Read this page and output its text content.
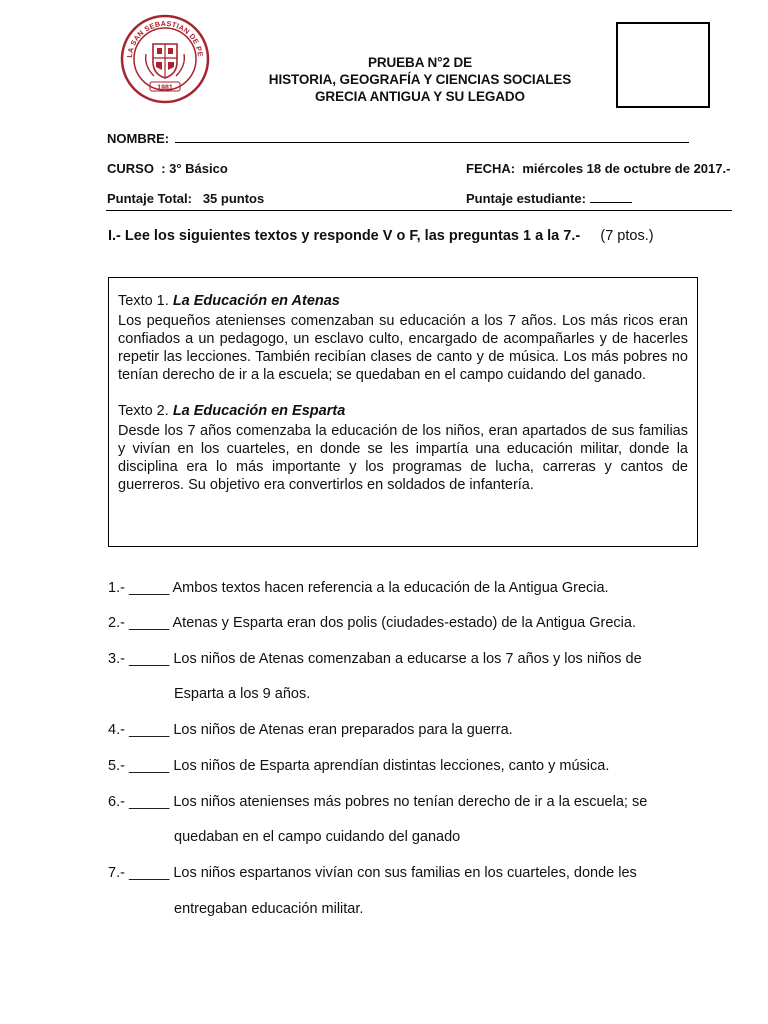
LA SAN SEBASTIAN DE PE
1981
PRUEBA N°2 DE
HISTORIA, GEOGRAFÍA Y CIENCIAS SOCIALES
GRECIA ANTIGUA Y SU LEGADO
NOMBRE:
CURSO : 3° Básico	FECHA: miércoles 18 de octubre de 2017.-
Puntaje Total: 35 puntos	Puntaje estudiante:
I.- Lee los siguientes textos y responde V o F, las preguntas 1 a la 7.- (7 ptos.)
Texto 1. La Educación en Atenas
Los pequeños atenienses comenzaban su educación a los 7 años. Los más ricos eran confiados a un pedagogo, un esclavo culto, encargado de acompañarles y de hacerles repetir las lecciones. También recibían clases de canto y de música. Los más pobres no tenían derecho de ir a la escuela; se quedaban en el campo cuidando del ganado.
Texto 2. La Educación en Esparta
Desde los 7 años comenzaba la educación de los niños, eran apartados de sus familias y vivían en los cuarteles, en donde se les impartía una educación militar, donde la disciplina era lo más importante y los programas de lucha, carreras y cantos de guerreros. Su objetivo era convertirlos en soldados de infantería.
1.- _____ Ambos textos hacen referencia a la educación de la Antigua Grecia.
2.- _____ Atenas y Esparta eran dos polis (ciudades-estado) de la Antigua Grecia.
3.- _____ Los niños de Atenas comenzaban a educarse a los 7 años y los niños de
Esparta a los 9 años.
4.- _____ Los niños de Atenas eran preparados para la guerra.
5.- _____ Los niños de Esparta aprendían distintas lecciones, canto y música.
6.- _____ Los niños atenienses más pobres no tenían derecho de ir a la escuela; se
quedaban en el campo cuidando del ganado
7.- _____ Los niños espartanos vivían con sus familias en los cuarteles, donde les
entregaban educación militar.
